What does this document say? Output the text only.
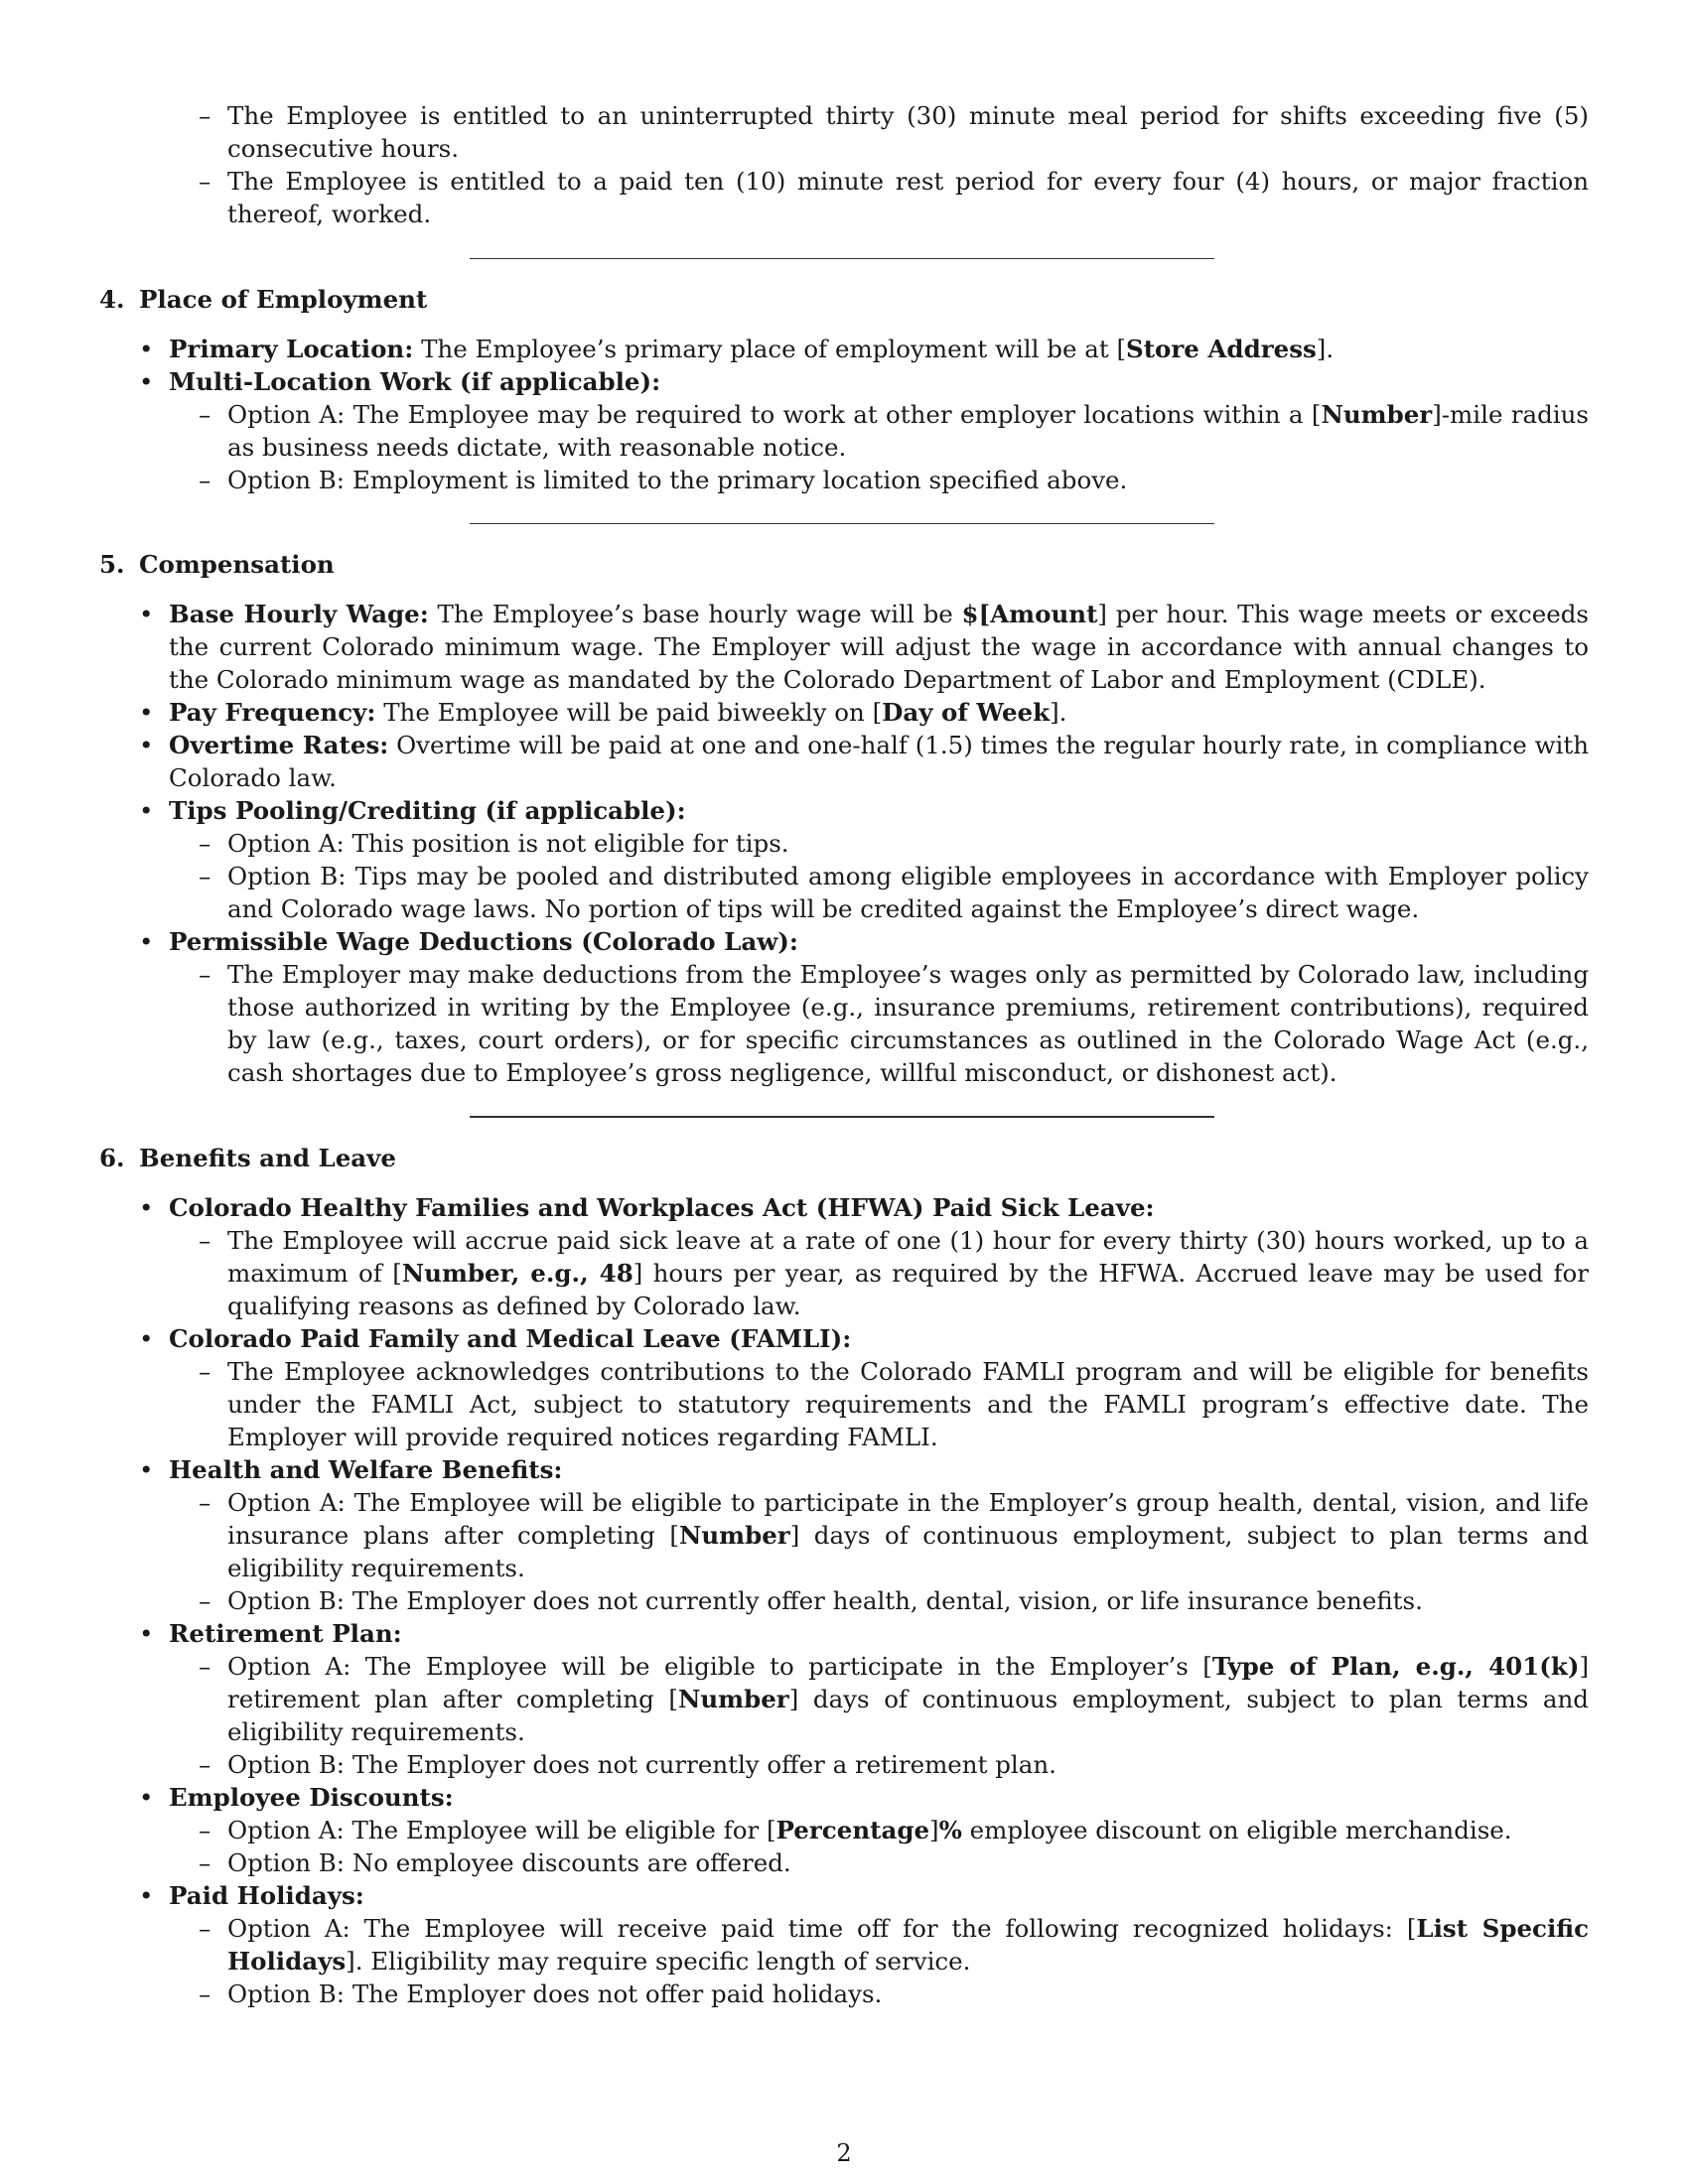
– The Employee is entitled to an uninterrupted thirty (30) minute meal period for shifts exceeding five (5) consecutive hours.
– The Employee is entitled to a paid ten (10) minute rest period for every four (4) hours, or major fraction thereof, worked.
4. Place of Employment
• Primary Location: The Employee’s primary place of employment will be at [Store Address].
• Multi-Location Work (if applicable):
– Option A: The Employee may be required to work at other employer locations within a [Number]-mile radius as business needs dictate, with reasonable notice.
– Option B: Employment is limited to the primary location specified above.
5. Compensation
• Base Hourly Wage: The Employee’s base hourly wage will be $[Amount] per hour. This wage meets or exceeds the current Colorado minimum wage. The Employer will adjust the wage in accordance with annual changes to the Colorado minimum wage as mandated by the Colorado Department of Labor and Employment (CDLE).
• Pay Frequency: The Employee will be paid biweekly on [Day of Week].
• Overtime Rates: Overtime will be paid at one and one-half (1.5) times the regular hourly rate, in compliance with Colorado law.
• Tips Pooling/Crediting (if applicable):
– Option A: This position is not eligible for tips.
– Option B: Tips may be pooled and distributed among eligible employees in accordance with Employer policy and Colorado wage laws. No portion of tips will be credited against the Employee’s direct wage.
• Permissible Wage Deductions (Colorado Law):
– The Employer may make deductions from the Employee’s wages only as permitted by Colorado law, including those authorized in writing by the Employee (e.g., insurance premiums, retirement contributions), required by law (e.g., taxes, court orders), or for specific circumstances as outlined in the Colorado Wage Act (e.g., cash shortages due to Employee’s gross negligence, willful misconduct, or dishonest act).
6. Benefits and Leave
• Colorado Healthy Families and Workplaces Act (HFWA) Paid Sick Leave:
– The Employee will accrue paid sick leave at a rate of one (1) hour for every thirty (30) hours worked, up to a maximum of [Number, e.g., 48] hours per year, as required by the HFWA. Accrued leave may be used for qualifying reasons as defined by Colorado law.
• Colorado Paid Family and Medical Leave (FAMLI):
– The Employee acknowledges contributions to the Colorado FAMLI program and will be eligible for benefits under the FAMLI Act, subject to statutory requirements and the FAMLI program’s effective date. The Employer will provide required notices regarding FAMLI.
• Health and Welfare Benefits:
– Option A: The Employee will be eligible to participate in the Employer’s group health, dental, vision, and life insurance plans after completing [Number] days of continuous employment, subject to plan terms and eligibility requirements.
– Option B: The Employer does not currently offer health, dental, vision, or life insurance benefits.
• Retirement Plan:
– Option A: The Employee will be eligible to participate in the Employer’s [Type of Plan, e.g., 401(k)] retirement plan after completing [Number] days of continuous employment, subject to plan terms and eligibility requirements.
– Option B: The Employer does not currently offer a retirement plan.
• Employee Discounts:
– Option A: The Employee will be eligible for [Percentage]% employee discount on eligible merchandise.
– Option B: No employee discounts are offered.
• Paid Holidays:
– Option A: The Employee will receive paid time off for the following recognized holidays: [List Specific Holidays]. Eligibility may require specific length of service.
– Option B: The Employer does not offer paid holidays.
2
